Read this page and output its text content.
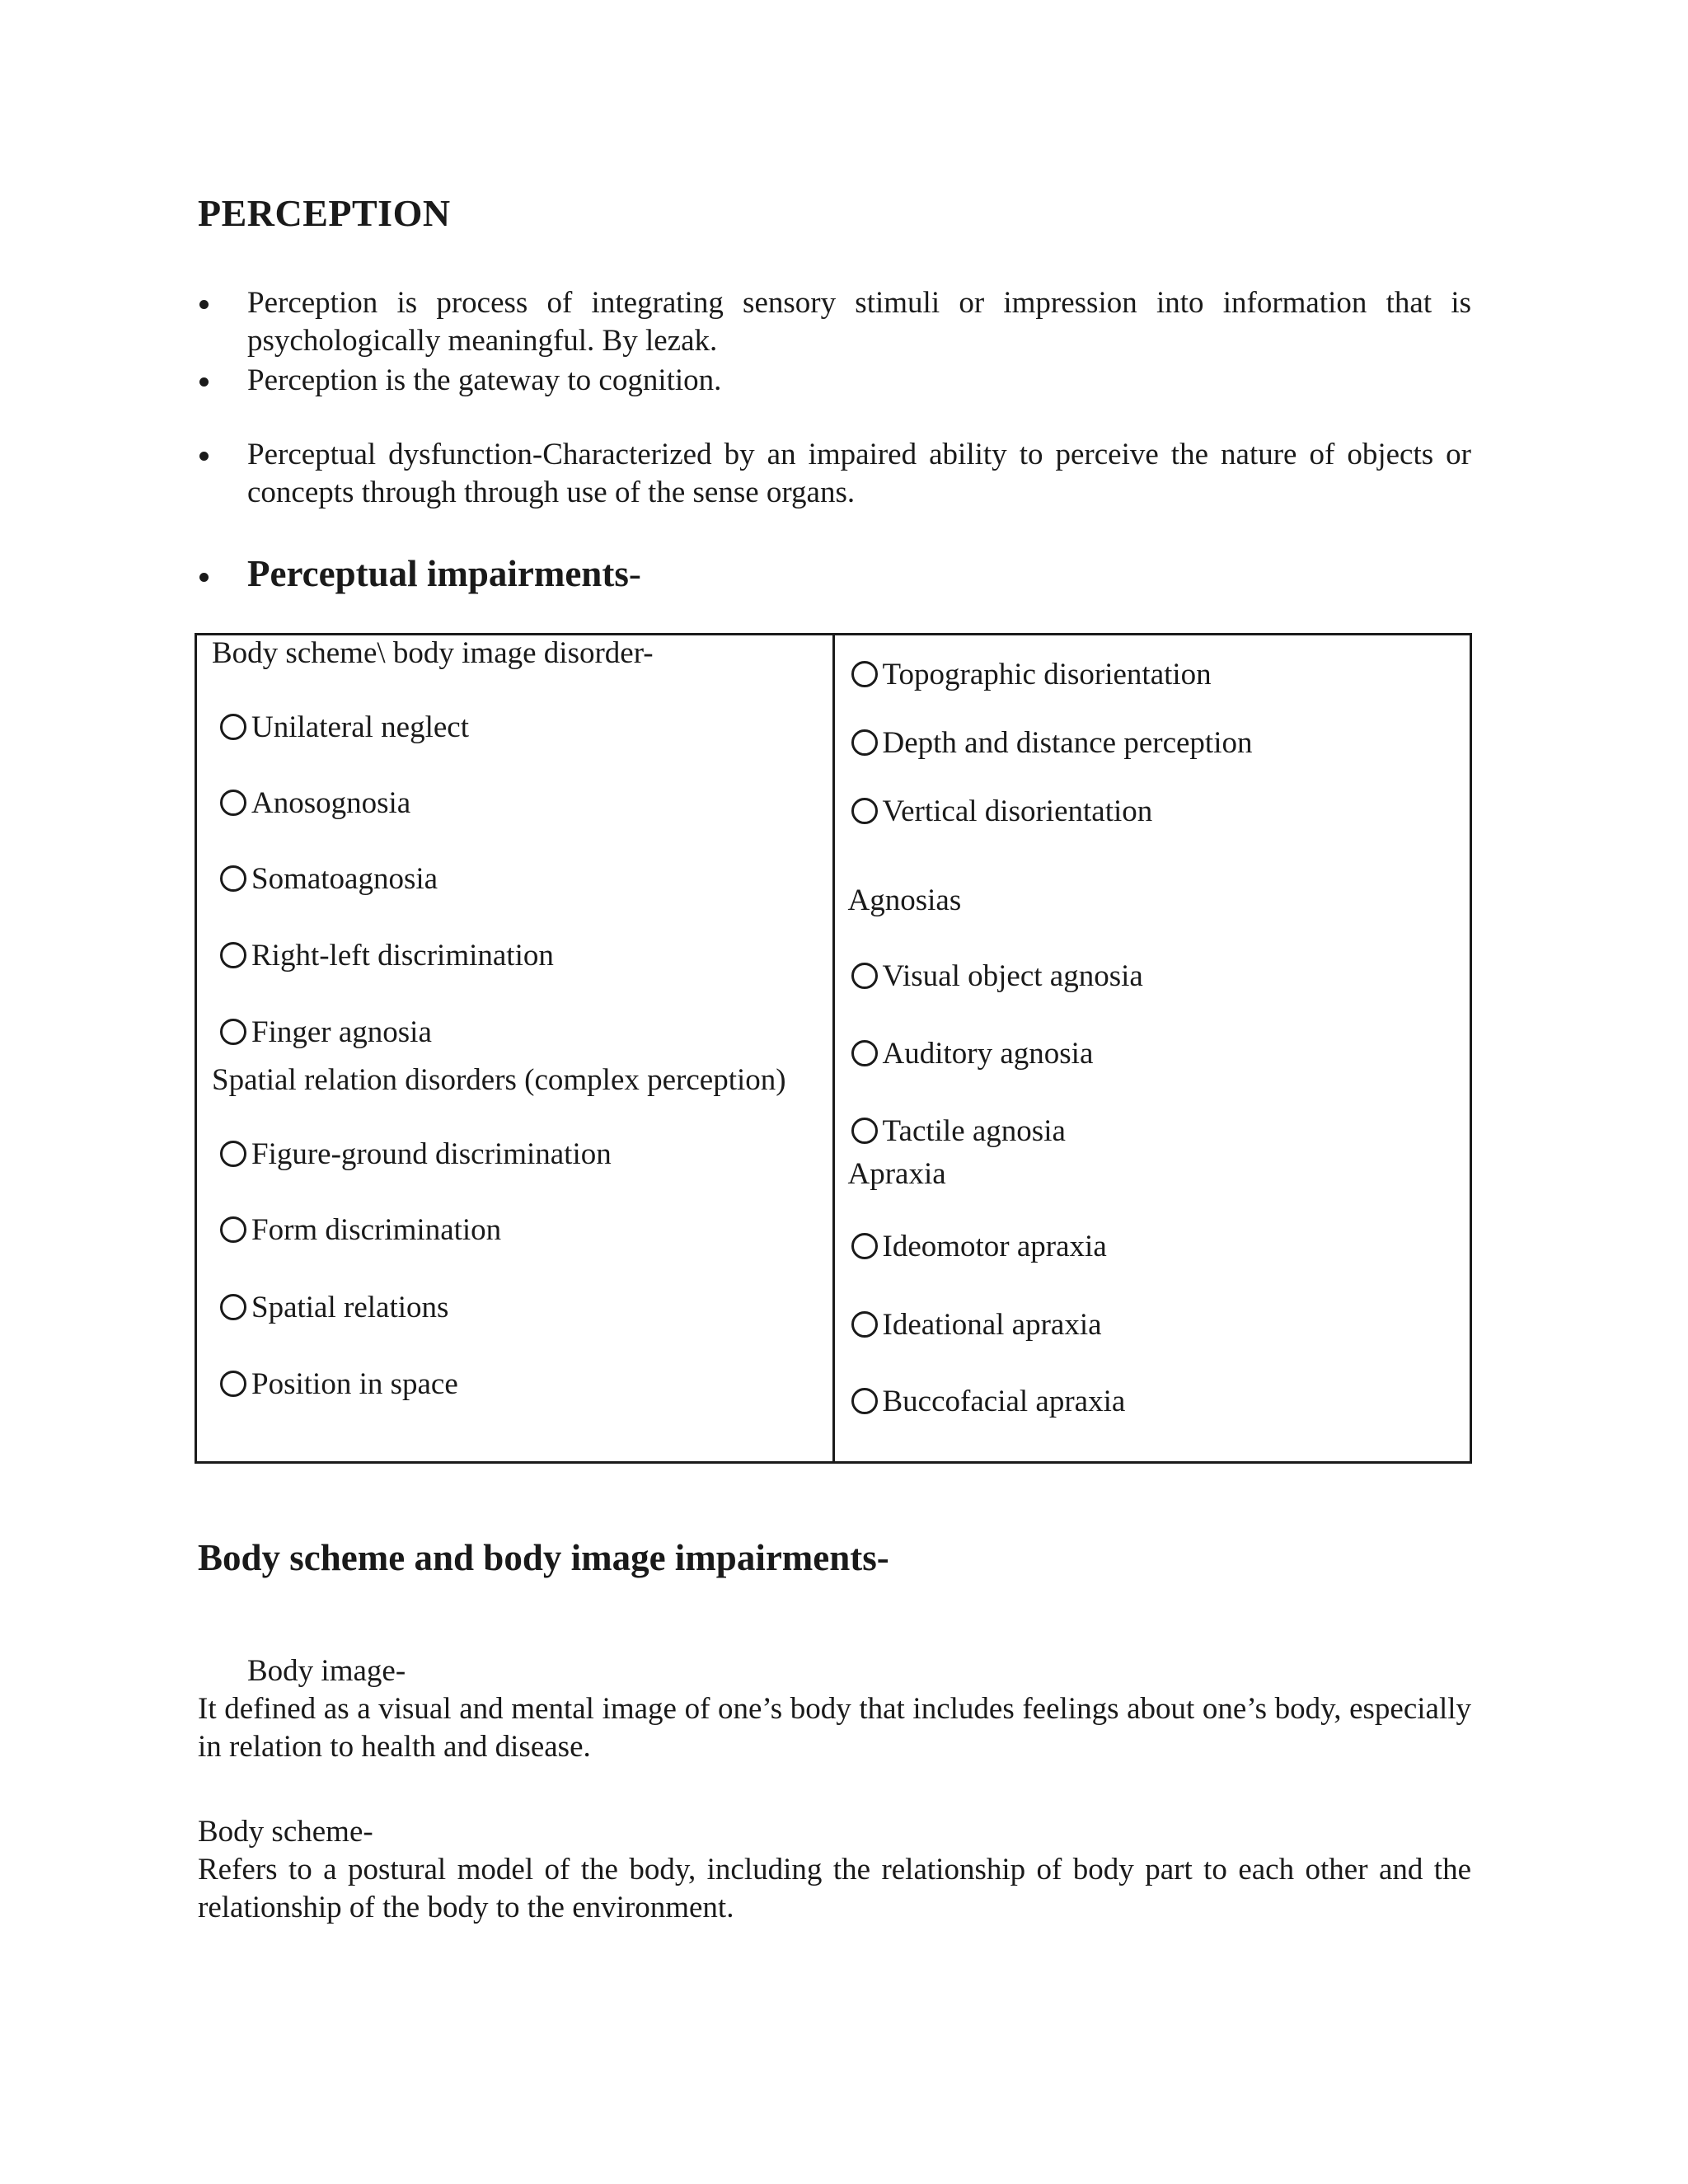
PERCEPTION
Perception is process of integrating sensory stimuli or impression into information that is psychologically meaningful. By lezak.
Perception is the gateway to cognition.
Perceptual dysfunction-Characterized by an impaired ability to perceive the nature of objects or concepts through through use of the sense organs.
Perceptual impairments-
Body scheme\ body image disorder-
Unilateral neglect
Anosognosia
Somatoagnosia
Right-left discrimination
Finger agnosia
Spatial relation disorders (complex perception)
Figure-ground discrimination
Form discrimination
Spatial relations
Position in space

Topographic disorientation
Depth and distance perception
Vertical disorientation
Agnosias
Visual object agnosia
Auditory agnosia
Tactile agnosia
Apraxia
Ideomotor apraxia
Ideational apraxia
Buccofacial apraxia
Body scheme and body image impairments-
Body image-
It defined as a visual and mental image of one’s body that includes feelings about one’s body, especially in relation to health and disease.
Body scheme-
Refers to a postural model of the body, including the relationship of body part to each other and the relationship of the body to the environment.
